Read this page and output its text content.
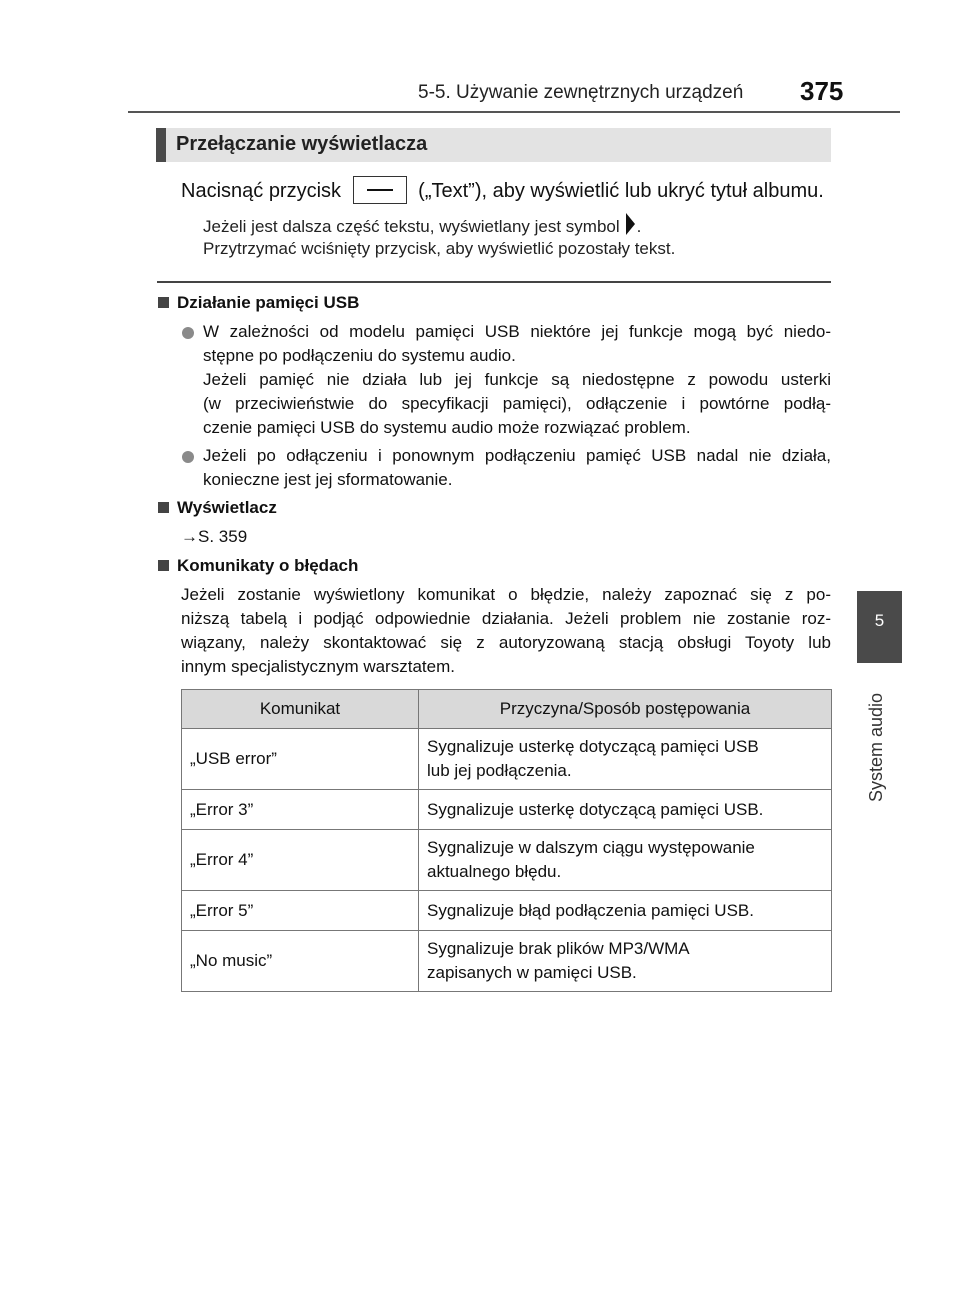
5-5. Używanie zewnętrznych urządzeń 375
5
System audio
Przełączanie wyświetlacza
Nacisnąć przycisk	(„Text”), aby wyświetlić lub ukryć tytuł albumu.
Jeżeli jest dalsza część tekstu, wyświetlany jest symbol .
Przytrzymać wciśnięty przycisk, aby wyświetlić pozostały tekst.
Działanie pamięci USB
W zależności od modelu pamięci USB niektóre jej funkcje mogą być niedo-
stępne po podłączeniu do systemu audio.
Jeżeli pamięć nie działa lub jej funkcje są niedostępne z powodu usterki
(w przeciwieństwie do specyfikacji pamięci), odłączenie i powtórne podłą-
czenie pamięci USB do systemu audio może rozwiązać problem.
Jeżeli po odłączeniu i ponownym podłączeniu pamięć USB nadal nie działa,
konieczne jest jej sformatowanie.
Wyświetlacz
→S. 359
Komunikaty o błędach
Jeżeli zostanie wyświetlony komunikat o błędzie, należy zapoznać się z po-
niższą tabelą i podjąć odpowiednie działania. Jeżeli problem nie zostanie roz-
wiązany, należy skontaktować się z autoryzowaną stacją obsługi Toyoty lub
innym specjalistycznym warsztatem.
Komunikat	Przyczyna/Sposób postępowania
„USB error”	Sygnalizuje usterkę dotyczącą pamięci USB
lub jej podłączenia.

„Error 3”	Sygnalizuje usterkę dotyczącą pamięci USB.

„Error 4”	Sygnalizuje w dalszym ciągu występowanie
aktualnego błędu.

„Error 5”	Sygnalizuje błąd podłączenia pamięci USB.

„No music”	Sygnalizuje brak plików MP3/WMA
zapisanych w pamięci USB.
